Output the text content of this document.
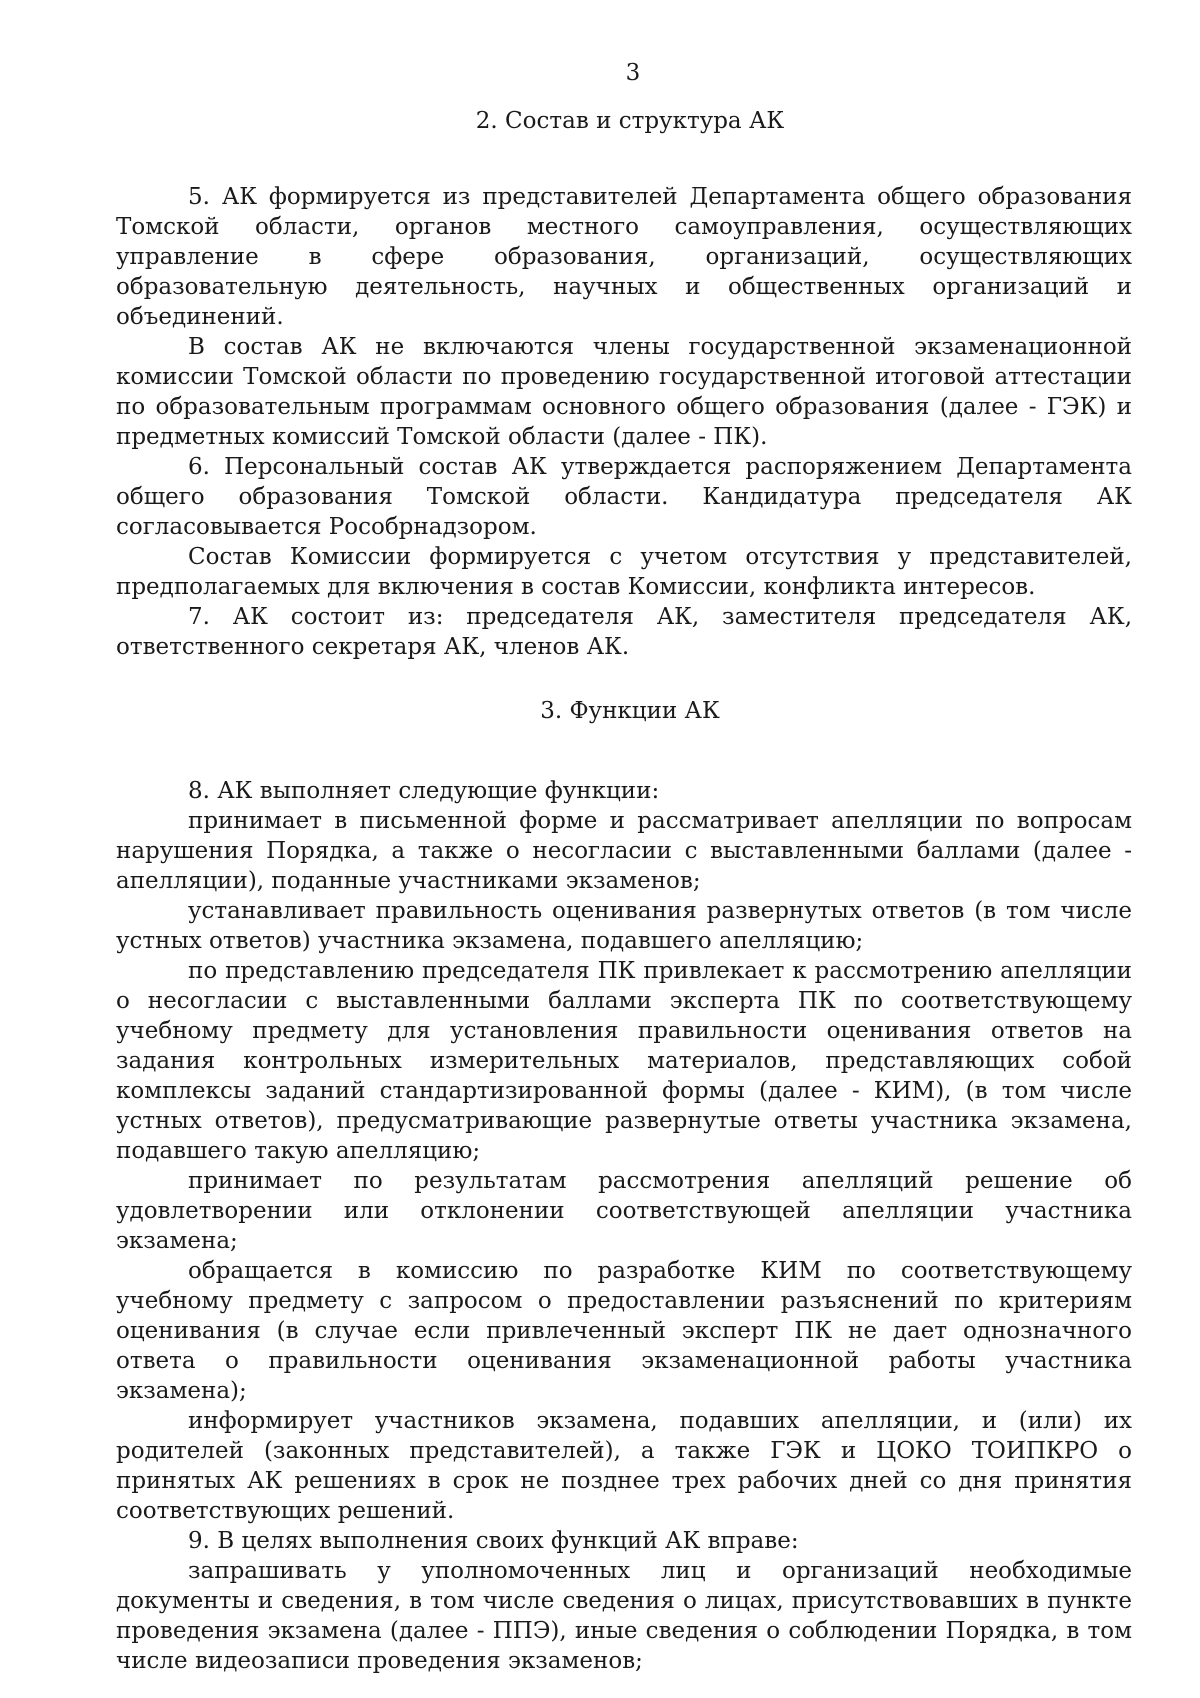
3
2. Состав и структура АК

5. АК формируется из представителей Департамента общего образования Томской области, органов местного самоуправления, осуществляющих управление в сфере образования, организаций, осуществляющих образовательную деятельность, научных и общественных организаций и объединений.

В состав АК не включаются члены государственной экзаменационной комиссии Томской области по проведению государственной итоговой аттестации по образовательным программам основного общего образования (далее - ГЭК) и предметных комиссий Томской области (далее - ПК).

6. Персональный состав АК утверждается распоряжением Департамента общего образования Томской области. Кандидатура председателя АК согласовывается Рособрнадзором.

Состав Комиссии формируется с учетом отсутствия у представителей, предполагаемых для включения в состав Комиссии, конфликта интересов.

7. АК состоит из: председателя АК, заместителя председателя АК, ответственного секретаря АК, членов АК.

3. Функции АК

8. АК выполняет следующие функции:

принимает в письменной форме и рассматривает апелляции по вопросам нарушения Порядка, а также о несогласии с выставленными баллами (далее - апелляции), поданные участниками экзаменов;

устанавливает правильность оценивания развернутых ответов (в том числе устных ответов) участника экзамена, подавшего апелляцию;

по представлению председателя ПК привлекает к рассмотрению апелляции о несогласии с выставленными баллами эксперта ПК по соответствующему учебному предмету для установления правильности оценивания ответов на задания контрольных измерительных материалов, представляющих собой комплексы заданий стандартизированной формы (далее - КИМ), (в том числе устных ответов), предусматривающие развернутые ответы участника экзамена, подавшего такую апелляцию;

принимает по результатам рассмотрения апелляций решение об удовлетворении или отклонении соответствующей апелляции участника экзамена;

обращается в комиссию по разработке КИМ по соответствующему учебному предмету с запросом о предоставлении разъяснений по критериям оценивания (в случае если привлеченный эксперт ПК не дает однозначного ответа о правильности оценивания экзаменационной работы участника экзамена);

информирует участников экзамена, подавших апелляции, и (или) их родителей (законных представителей), а также ГЭК и ЦОКО ТОИПКРО о принятых АК решениях в срок не позднее трех рабочих дней со дня принятия соответствующих решений.

9. В целях выполнения своих функций АК вправе:

запрашивать у уполномоченных лиц и организаций необходимые документы и сведения, в том числе сведения о лицах, присутствовавших в пункте проведения экзамена (далее - ППЭ), иные сведения о соблюдении Порядка, в том числе видеозаписи проведения экзаменов;
